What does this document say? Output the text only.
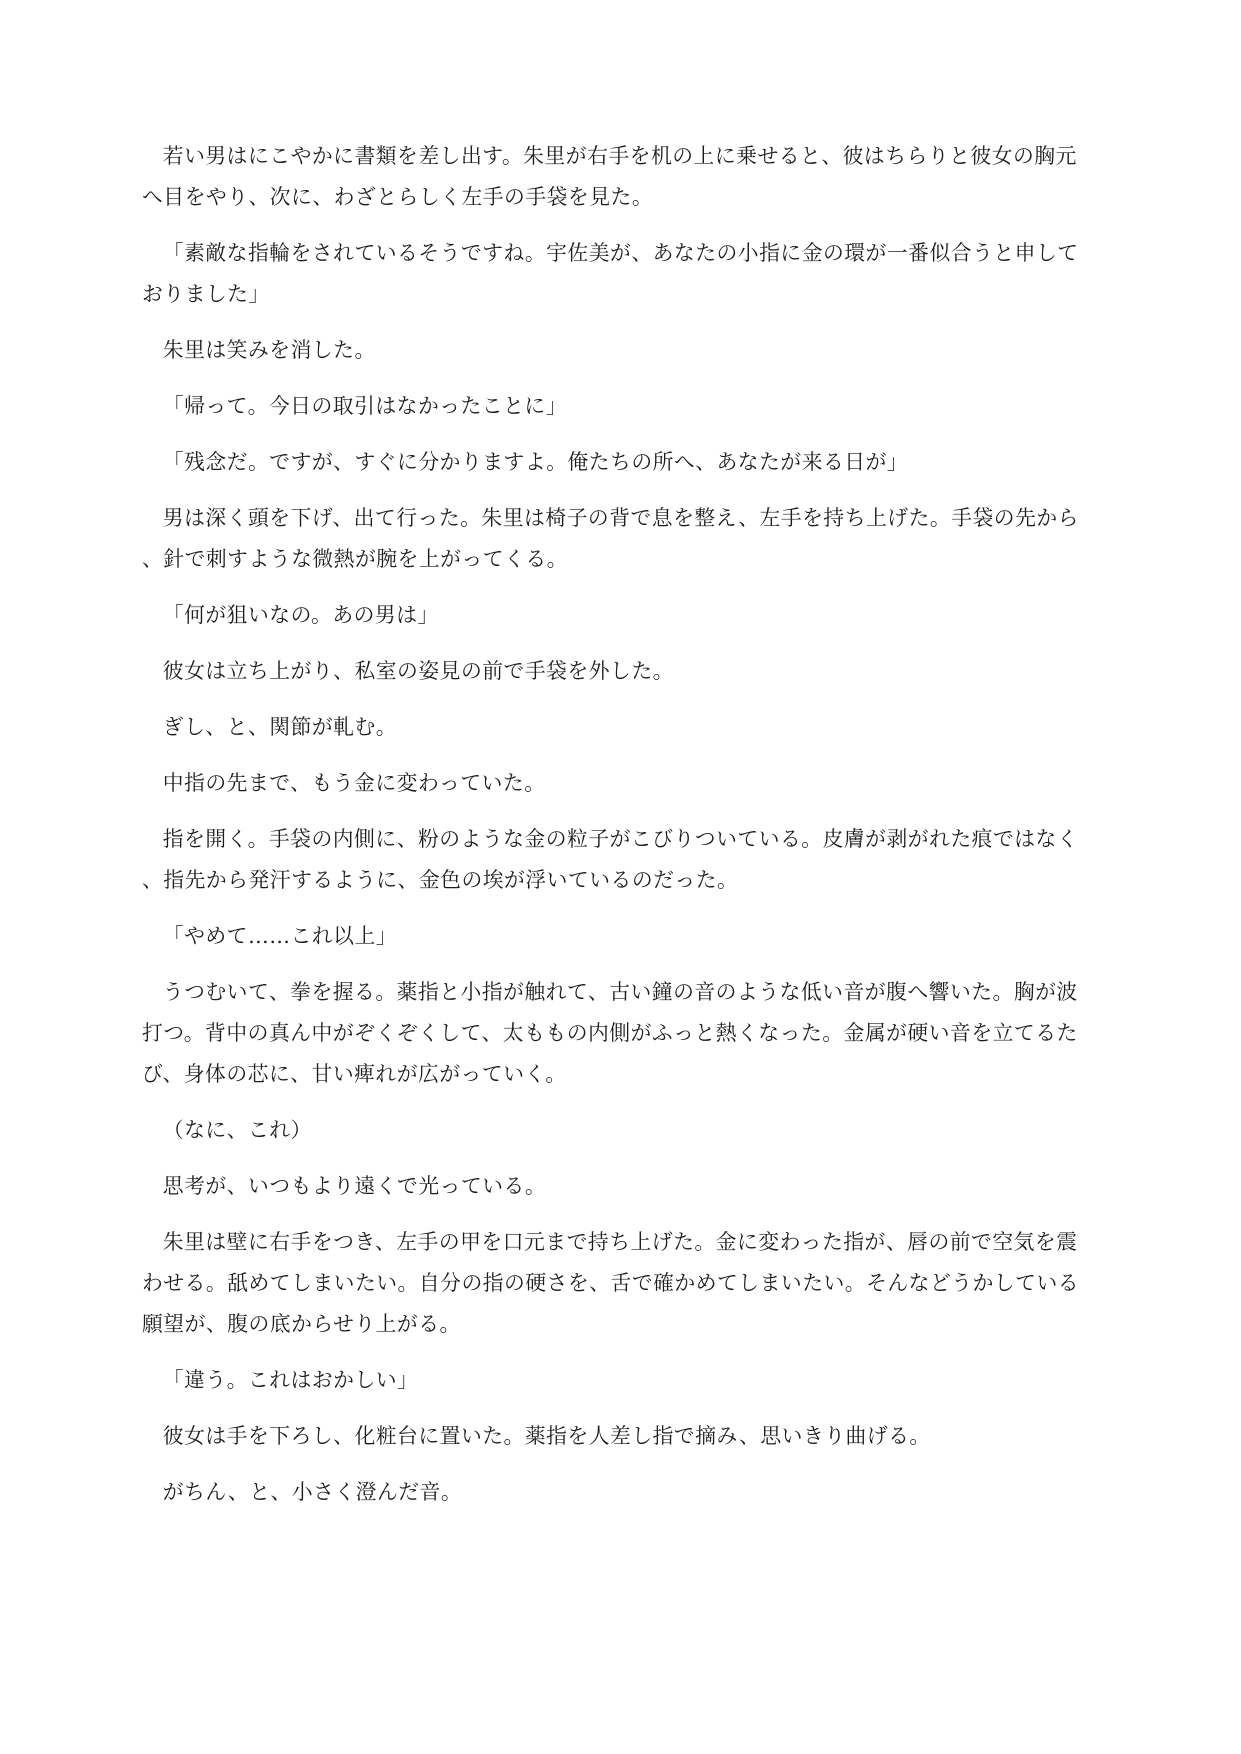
若い男はにこやかに書類を差し出す。朱里が右手を机の上に乗せると、彼はちらりと彼女の胸元へ目をやり、次に、わざとらしく左手の手袋を見た。

「素敵な指輪をされているそうですね。宇佐美が、あなたの小指に金の環が一番似合うと申しておりました」

朱里は笑みを消した。

「帰って。今日の取引はなかったことに」

「残念だ。ですが、すぐに分かりますよ。俺たちの所へ、あなたが来る日が」

男は深く頭を下げ、出て行った。朱里は椅子の背で息を整え、左手を持ち上げた。手袋の先から、針で刺すような微熱が腕を上がってくる。

「何が狙いなの。あの男は」

彼女は立ち上がり、私室の姿見の前で手袋を外した。

ぎし、と、関節が軋む。

中指の先まで、もう金に変わっていた。

指を開く。手袋の内側に、粉のような金の粒子がこびりついている。皮膚が剥がれた痕ではなく、指先から発汗するように、金色の埃が浮いているのだった。

「やめて……これ以上」

うつむいて、拳を握る。薬指と小指が触れて、古い鐘の音のような低い音が腹へ響いた。胸が波打つ。背中の真ん中がぞくぞくして、太ももの内側がふっと熱くなった。金属が硬い音を立てるたび、身体の芯に、甘い痺れが広がっていく。

（なに、これ）

思考が、いつもより遠くで光っている。

朱里は壁に右手をつき、左手の甲を口元まで持ち上げた。金に変わった指が、唇の前で空気を震わせる。舐めてしまいたい。自分の指の硬さを、舌で確かめてしまいたい。そんなどうかしている願望が、腹の底からせり上がる。

「違う。これはおかしい」

彼女は手を下ろし、化粧台に置いた。薬指を人差し指で摘み、思いきり曲げる。

がちん、と、小さく澄んだ音。
